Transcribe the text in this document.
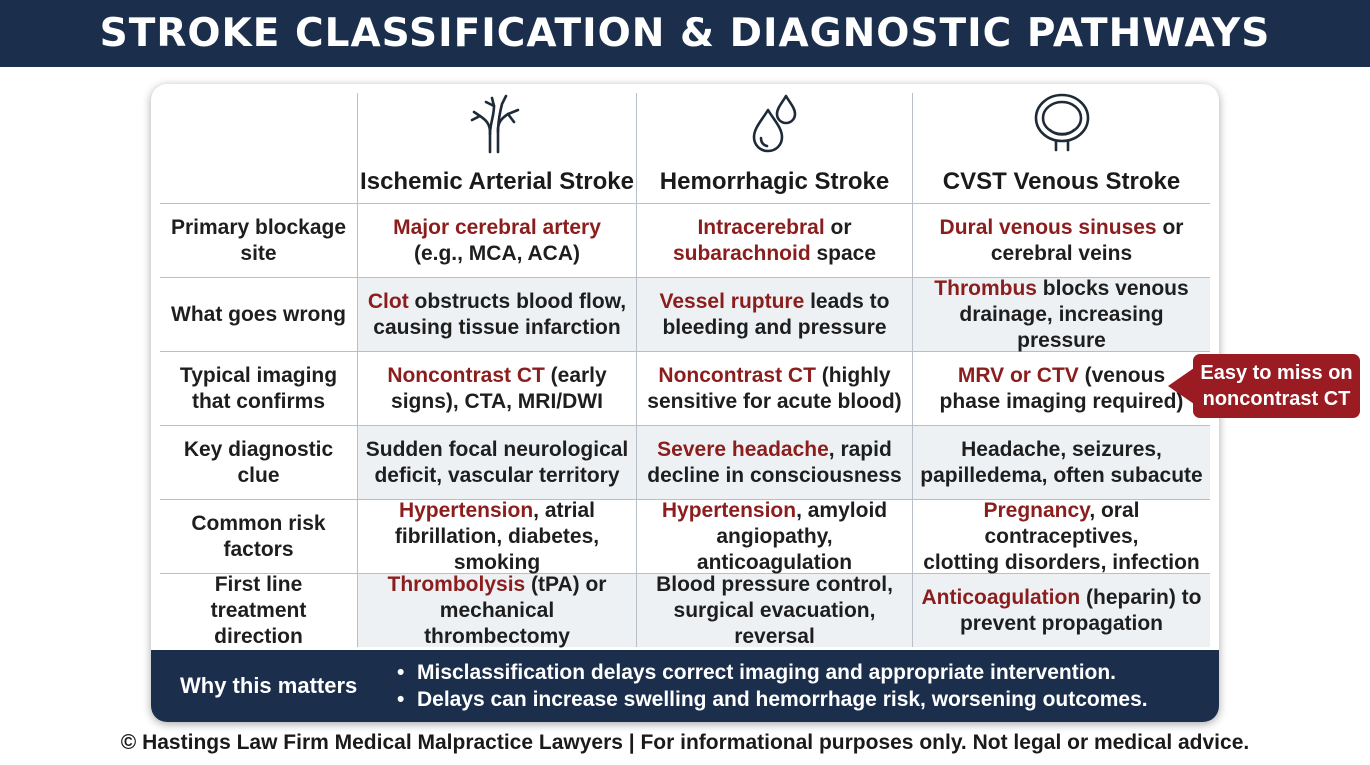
STROKE CLASSIFICATION & DIAGNOSTIC PATHWAYS
Ischemic Arterial Stroke Hemorrhagic Stroke CVST Venous Stroke
Primary blockage
site
Major cerebral artery
(e.g., MCA, ACA)
Intracerebral or
subarachnoid space
Dural venous sinuses or
cerebral veins
What goes wrong
Clot obstructs blood flow,
causing tissue infarction
Vessel rupture leads to
bleeding and pressure
Thrombus blocks venous
drainage, increasing pressure
Typical imaging
that confirms
Noncontrast CT (early
signs), CTA, MRI/DWI
Noncontrast CT (highly
sensitive for acute blood)
MRV or CTV (venous
phase imaging required)
Key diagnostic
clue
Sudden focal neurological
deficit, vascular territory
Severe headache, rapid
decline in consciousness
Headache, seizures,
papilledema, often subacute
Common risk
factors
Hypertension, atrial
fibrillation, diabetes, smoking
Hypertension, amyloid
angiopathy, anticoagulation
Pregnancy, oral contraceptives,
clotting disorders, infection
First line treatment
direction
Thrombolysis (tPA) or
mechanical thrombectomy
Blood pressure control,
surgical evacuation, reversal
Anticoagulation (heparin) to
prevent propagation
Why this matters
• Misclassification delays correct imaging and appropriate intervention.
• Delays can increase swelling and hemorrhage risk, worsening outcomes.
Easy to miss on
noncontrast CT
© Hastings Law Firm Medical Malpractice Lawyers | For informational purposes only. Not legal or medical advice.
